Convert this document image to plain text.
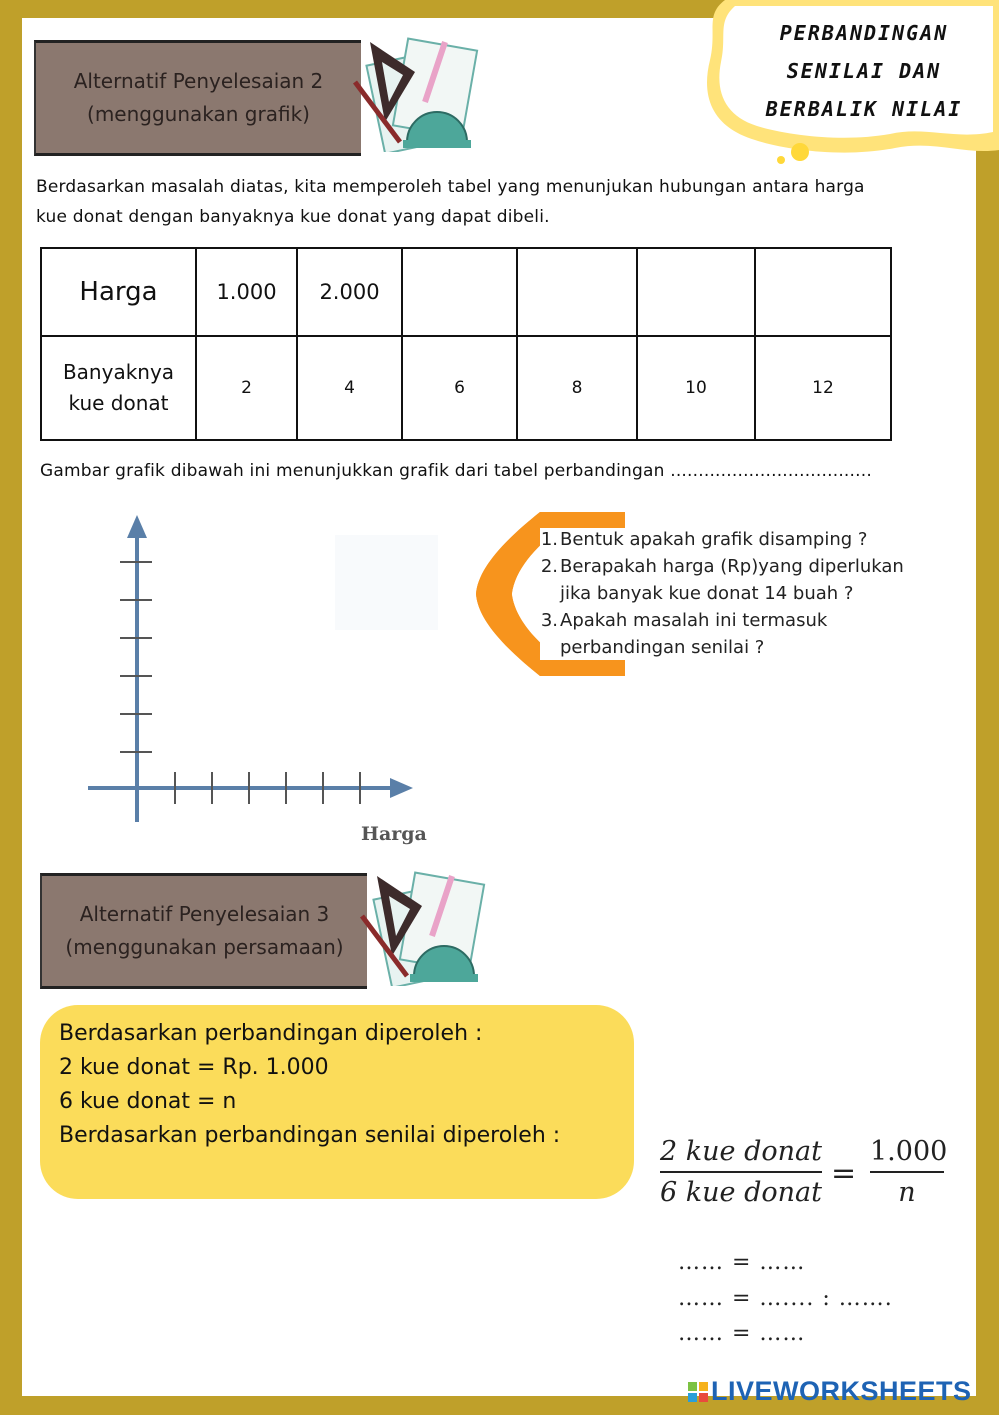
PERBANDINGAN
SENILAI DAN
BERBALIK NILAI
Alternatif Penyelesaian 2
(menggunakan grafik)
Berdasarkan masalah diatas, kita memperoleh tabel yang menunjukan hubungan antara harga
kue donat dengan banyaknya kue donat yang dapat dibeli.
Harga	1.000	2.000				

Banyaknya
kue donat	2	4	6	8	10	12
Gambar grafik dibawah ini menunjukkan grafik dari tabel perbandingan ....................................
Harga
1. Bentuk apakah grafik disamping ?
2. Berapakah harga (Rp)yang diperlukan
jika banyak kue donat 14 buah ?
3. Apakah masalah ini termasuk
perbandingan senilai ?
Alternatif Penyelesaian 3
(menggunakan persamaan)
Berdasarkan perbandingan diperoleh :
2 kue donat = Rp. 1.000
6 kue donat = n
Berdasarkan perbandingan senilai diperoleh :
2 kue donat
6 kue donat
= $\frac{1.000}{n}$
…… = ……
…… = ….... : …….
…… = ……
LIVEWORKSHEETS
